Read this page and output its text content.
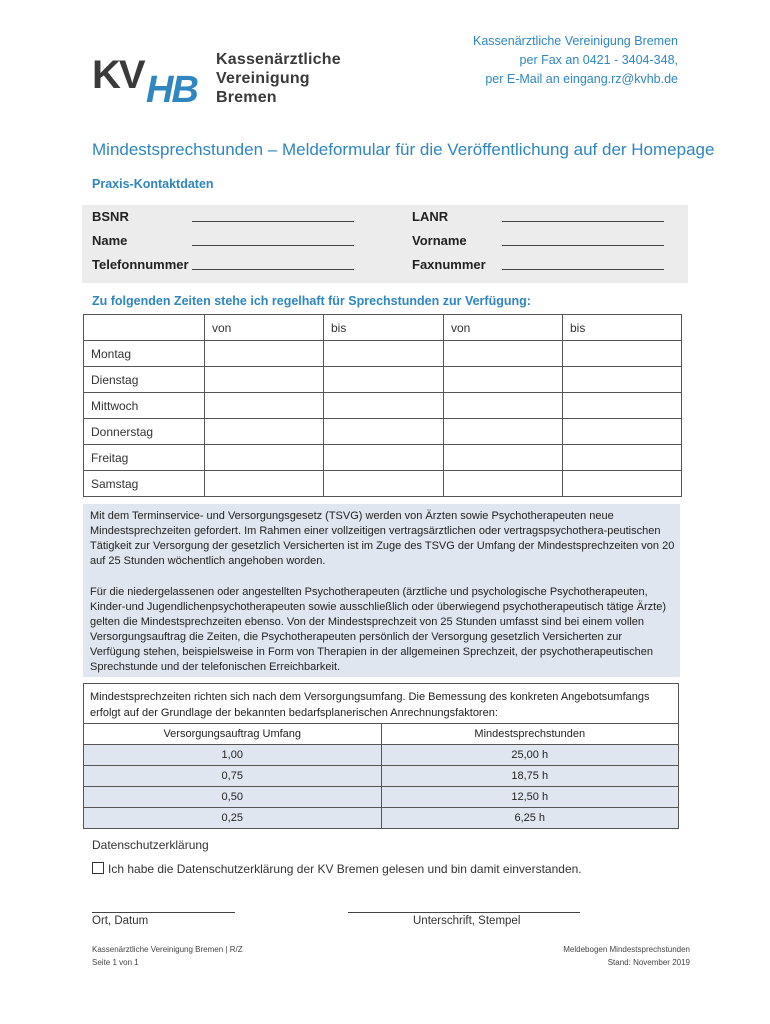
KV HB
Kassenärztliche
Vereinigung
Bremen
Kassenärztliche Vereinigung Bremen
per Fax an 0421 - 3404-348,
per E-Mail an eingang.rz@kvhb.de
Mindestsprechstunden – Meldeformular für die Veröffentlichung auf der Homepage
Praxis-Kontaktdaten
BSNR	LANR
Name	Vorname
Telefonnummer	Faxnummer
Zu folgenden Zeiten stehe ich regelhaft für Sprechstunden zur Verfügung:
	von	bis	von	bis
Montag				
Dienstag				
Mittwoch				
Donnerstag				
Freitag				
Samstag				

Mit dem Terminservice- und Versorgungsgesetz (TSVG) werden von Ärzten sowie Psychotherapeuten neue Mindestsprechzeiten gefordert. Im Rahmen einer vollzeitigen vertragsärztlichen oder vertragspsychothera-peutischen Tätigkeit zur Versorgung der gesetzlich Versicherten ist im Zuge des TSVG der Umfang der Mindestsprechzeiten von 20 auf 25 Stunden wöchentlich angehoben worden.

Für die niedergelassenen oder angestellten Psychotherapeuten (ärztliche und psychologische Psychotherapeuten, Kinder-und Jugendlichenpsychotherapeuten sowie ausschließlich oder überwiegend psychotherapeutisch tätige Ärzte) gelten die Mindestsprechzeiten ebenso. Von der Mindestsprechzeit von 25 Stunden umfasst sind bei einem vollen Versorgungsauftrag die Zeiten, die Psychotherapeuten persönlich der Versorgung gesetzlich Versicherten zur Verfügung stehen, beispielsweise in Form von Therapien in der allgemeinen Sprechzeit, der psychotherapeutischen Sprechstunde und der telefonischen Erreichbarkeit.

Mindestsprechzeiten richten sich nach dem Versorgungsumfang. Die Bemessung des konkreten Angebotsumfangs erfolgt auf der Grundlage der bekannten bedarfsplanerischen Anrechnungsfaktoren:
Versorgungsauftrag Umfang	Mindestsprechstunden
1,00	25,00 h
0,75	18,75 h
0,50	12,50 h
0,25	6,25 h
Datenschutzerklärung
Ich habe die Datenschutzerklärung der KV Bremen gelesen und bin damit einverstanden.
Ort, Datum	Unterschrift, Stempel
Kassenärztliche Vereinigung Bremen | R/Z
Seite 1 von 1
Meldebogen Mindestsprechstunden
Stand: November 2019
